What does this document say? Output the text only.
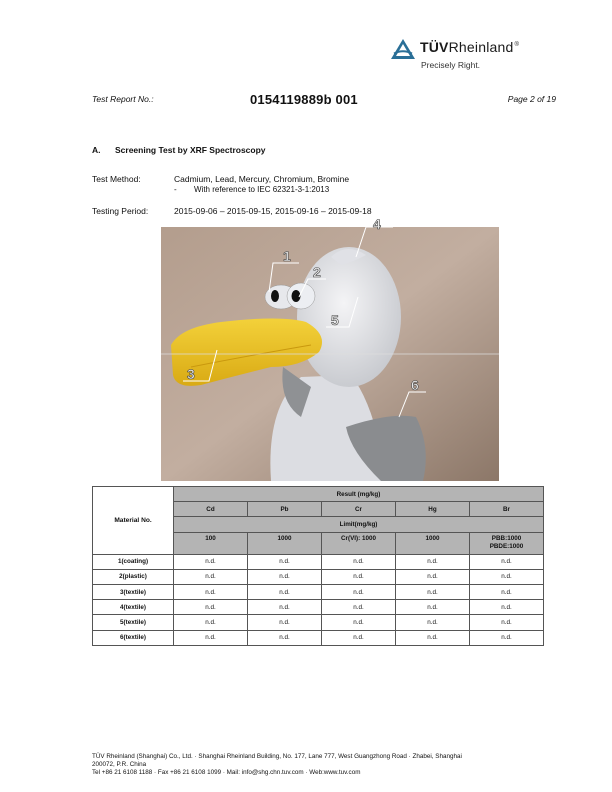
TÜVRheinland®
Precisely Right.
Test Report No.:	0154119889b 001	Page 2 of 19
A. Screening Test by XRF Spectroscopy
Test Method:	Cadmium, Lead, Mercury, Chromium, Bromine
- With reference to IEC 62321-3-1:2013
Testing Period:	2015-09-06 – 2015-09-15, 2015-09-16 – 2015-09-18
1
2
3
4
5
6
Material No.	Result (mg/kg)				
	Cd	Pb	Cr	Hg	Br
	Limit(mg/kg)				
	100	1000	Cr(VI): 1000	1000	PBB:1000
PBDE:1000
1(coating)	n.d.	n.d.	n.d.	n.d.	n.d.
2(plastic)	n.d.	n.d.	n.d.	n.d.	n.d.
3(textile)	n.d.	n.d.	n.d.	n.d.	n.d.
4(textile)	n.d.	n.d.	n.d.	n.d.	n.d.
5(textile)	n.d.	n.d.	n.d.	n.d.	n.d.
6(textile)	n.d.	n.d.	n.d.	n.d.	n.d.
TÜV Rheinland (Shanghai) Co., Ltd. · Shanghai Rheinland Building, No. 177, Lane 777, West Guangzhong Road · Zhabei, Shanghai
200072, P.R. China
Tel +86 21 6108 1188 · Fax +86 21 6108 1099 · Mail: info@shg.chn.tuv.com · Web:www.tuv.com
